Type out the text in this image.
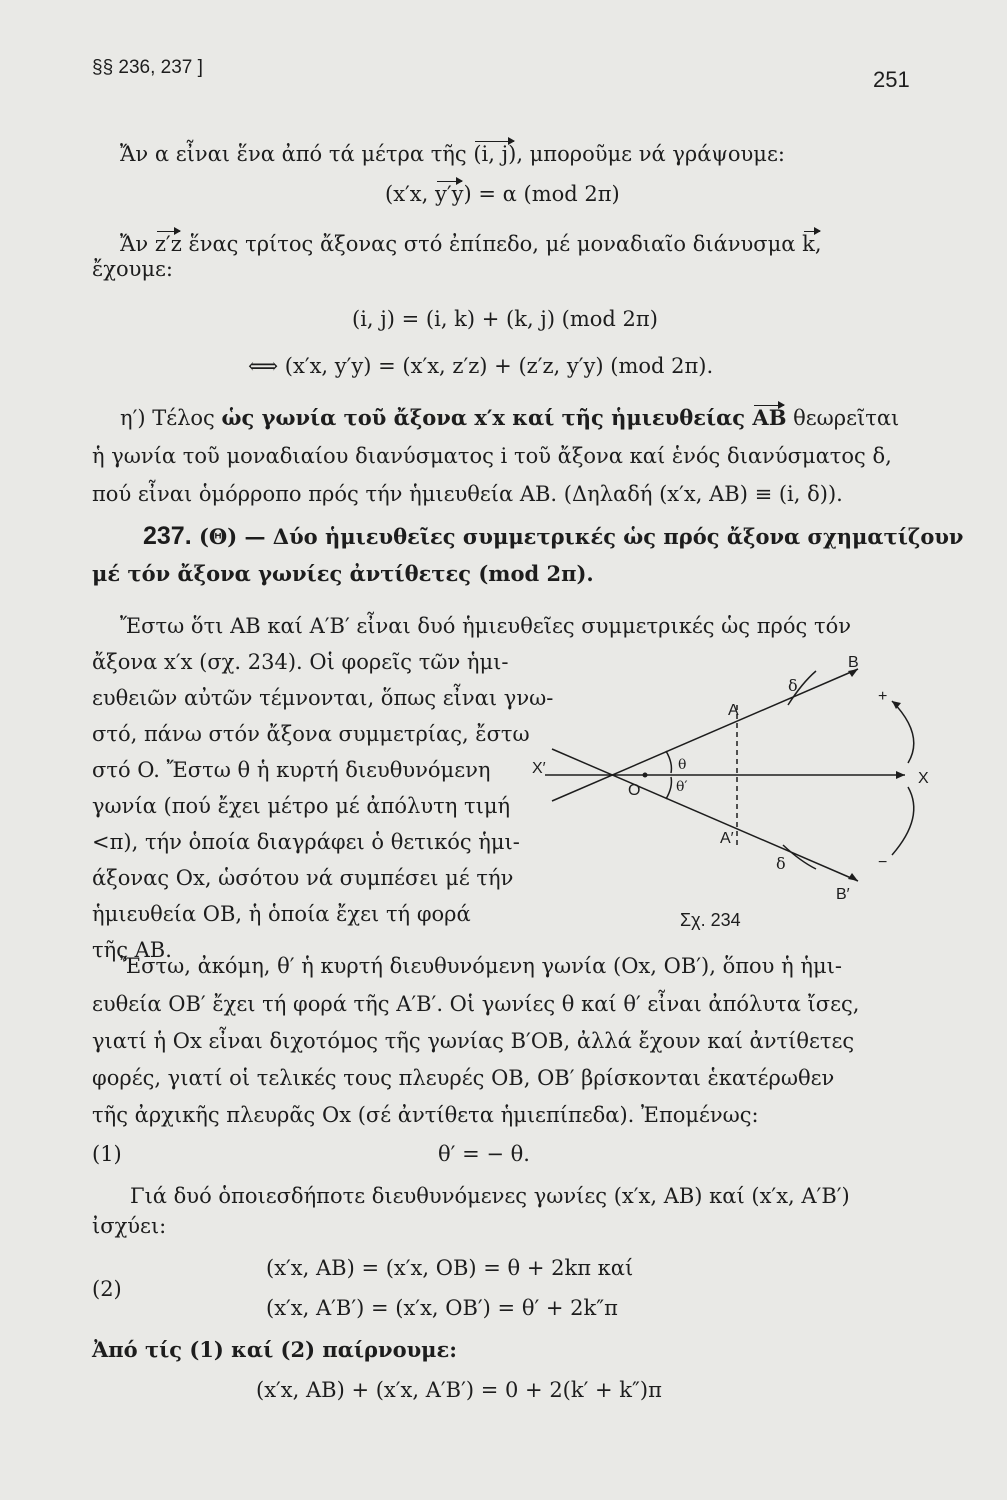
§§ 236, 237 ]	251
Ἄν α εἶναι ἕνα ἀπό τά μέτρα τῆς (i, j), μποροῦμε νά γράψουμε:
(x′x, y′y) = α (mod 2π)
Ἄν z′z ἕνας τρίτος ἄξονας στό ἐπίπεδο, μέ μοναδιαῖο διάνυσμα k,
ἔχουμε:
(i, j) = (i, k) + (k, j) (mod 2π)
⟺ (x′x, y′y) = (x′x, z′z) + (z′z, y′y) (mod 2π).
η′) Τέλος ὡς γωνία τοῦ ἄξονα x′x καί τῆς ἡμιευθείας AB θεωρεῖται
ἡ γωνία τοῦ μοναδιαίου διανύσματος i τοῦ ἄξονα καί ἑνός διανύσματος δ,
πού εἶναι ὁμόρροπο πρός τήν ἡμιευθεία AB. (Δηλαδή (x′x, AB) ≡ (i, δ)).
237. (Θ) — Δύο ἡμιευθεῖες συμμετρικές ὡς πρός ἄξονα σχηματίζουν
μέ τόν ἄξονα γωνίες ἀντίθετες (mod 2π).
Ἔστω ὅτι AB καί A′B′ εἶναι δυό ἡμιευθεῖες συμμετρικές ὡς πρός τόν
ἄξονα x′x (σχ. 234). Οἱ φορεῖς τῶν ἡμι-
ευθειῶν αὐτῶν τέμνονται, ὅπως εἶναι γνω-
στό, πάνω στόν ἄξονα συμμετρίας, ἔστω
στό O. Ἔστω θ ἡ κυρτή διευθυνόμενη
γωνία (πού ἔχει μέτρο μέ ἀπόλυτη τιμή
<π), τήν ὁποία διαγράφει ὁ θετικός ἡμι-
άξονας Ox, ὡσότου νά συμπέσει μέ τήν
ἡμιευθεία OB, ἡ ὁποία ἔχει τή φορά
τῆς AB.
B
δ
+
A
X′
O
θ
θ′	X
A′
δ	−
B′
Σχ. 234
Ἔστω, ἀκόμη, θ′ ἡ κυρτή διευθυνόμενη γωνία (Ox, OB′), ὅπου ἡ ἡμι-
ευθεία OB′ ἔχει τή φορά τῆς A′B′. Οἱ γωνίες θ καί θ′ εἶναι ἀπόλυτα ἴσες,
γιατί ἡ Ox εἶναι διχοτόμος τῆς γωνίας B′OB, ἀλλά ἔχουν καί ἀντίθετες
φορές, γιατί οἱ τελικές τους πλευρές OB, OB′ βρίσκονται ἑκατέρωθεν
τῆς ἀρχικῆς πλευρᾶς Ox (σέ ἀντίθετα ἡμιεπίπεδα). Ἐπομένως:
(1)	θ′ = − θ.
Γιά δυό ὁποιεσδήποτε διευθυνόμενες γωνίες (x′x, AB) καί (x′x, A′B′)
ἰσχύει:
(2)
(x′x, AB) = (x′x, OB) = θ + 2kπ καί
(x′x, A′B′) = (x′x, OB′) = θ′ + 2k″π
Ἀπό τίς (1) καί (2) παίρνουμε:
(x′x, AB) + (x′x, A′B′) = 0 + 2(k′ + k″)π
